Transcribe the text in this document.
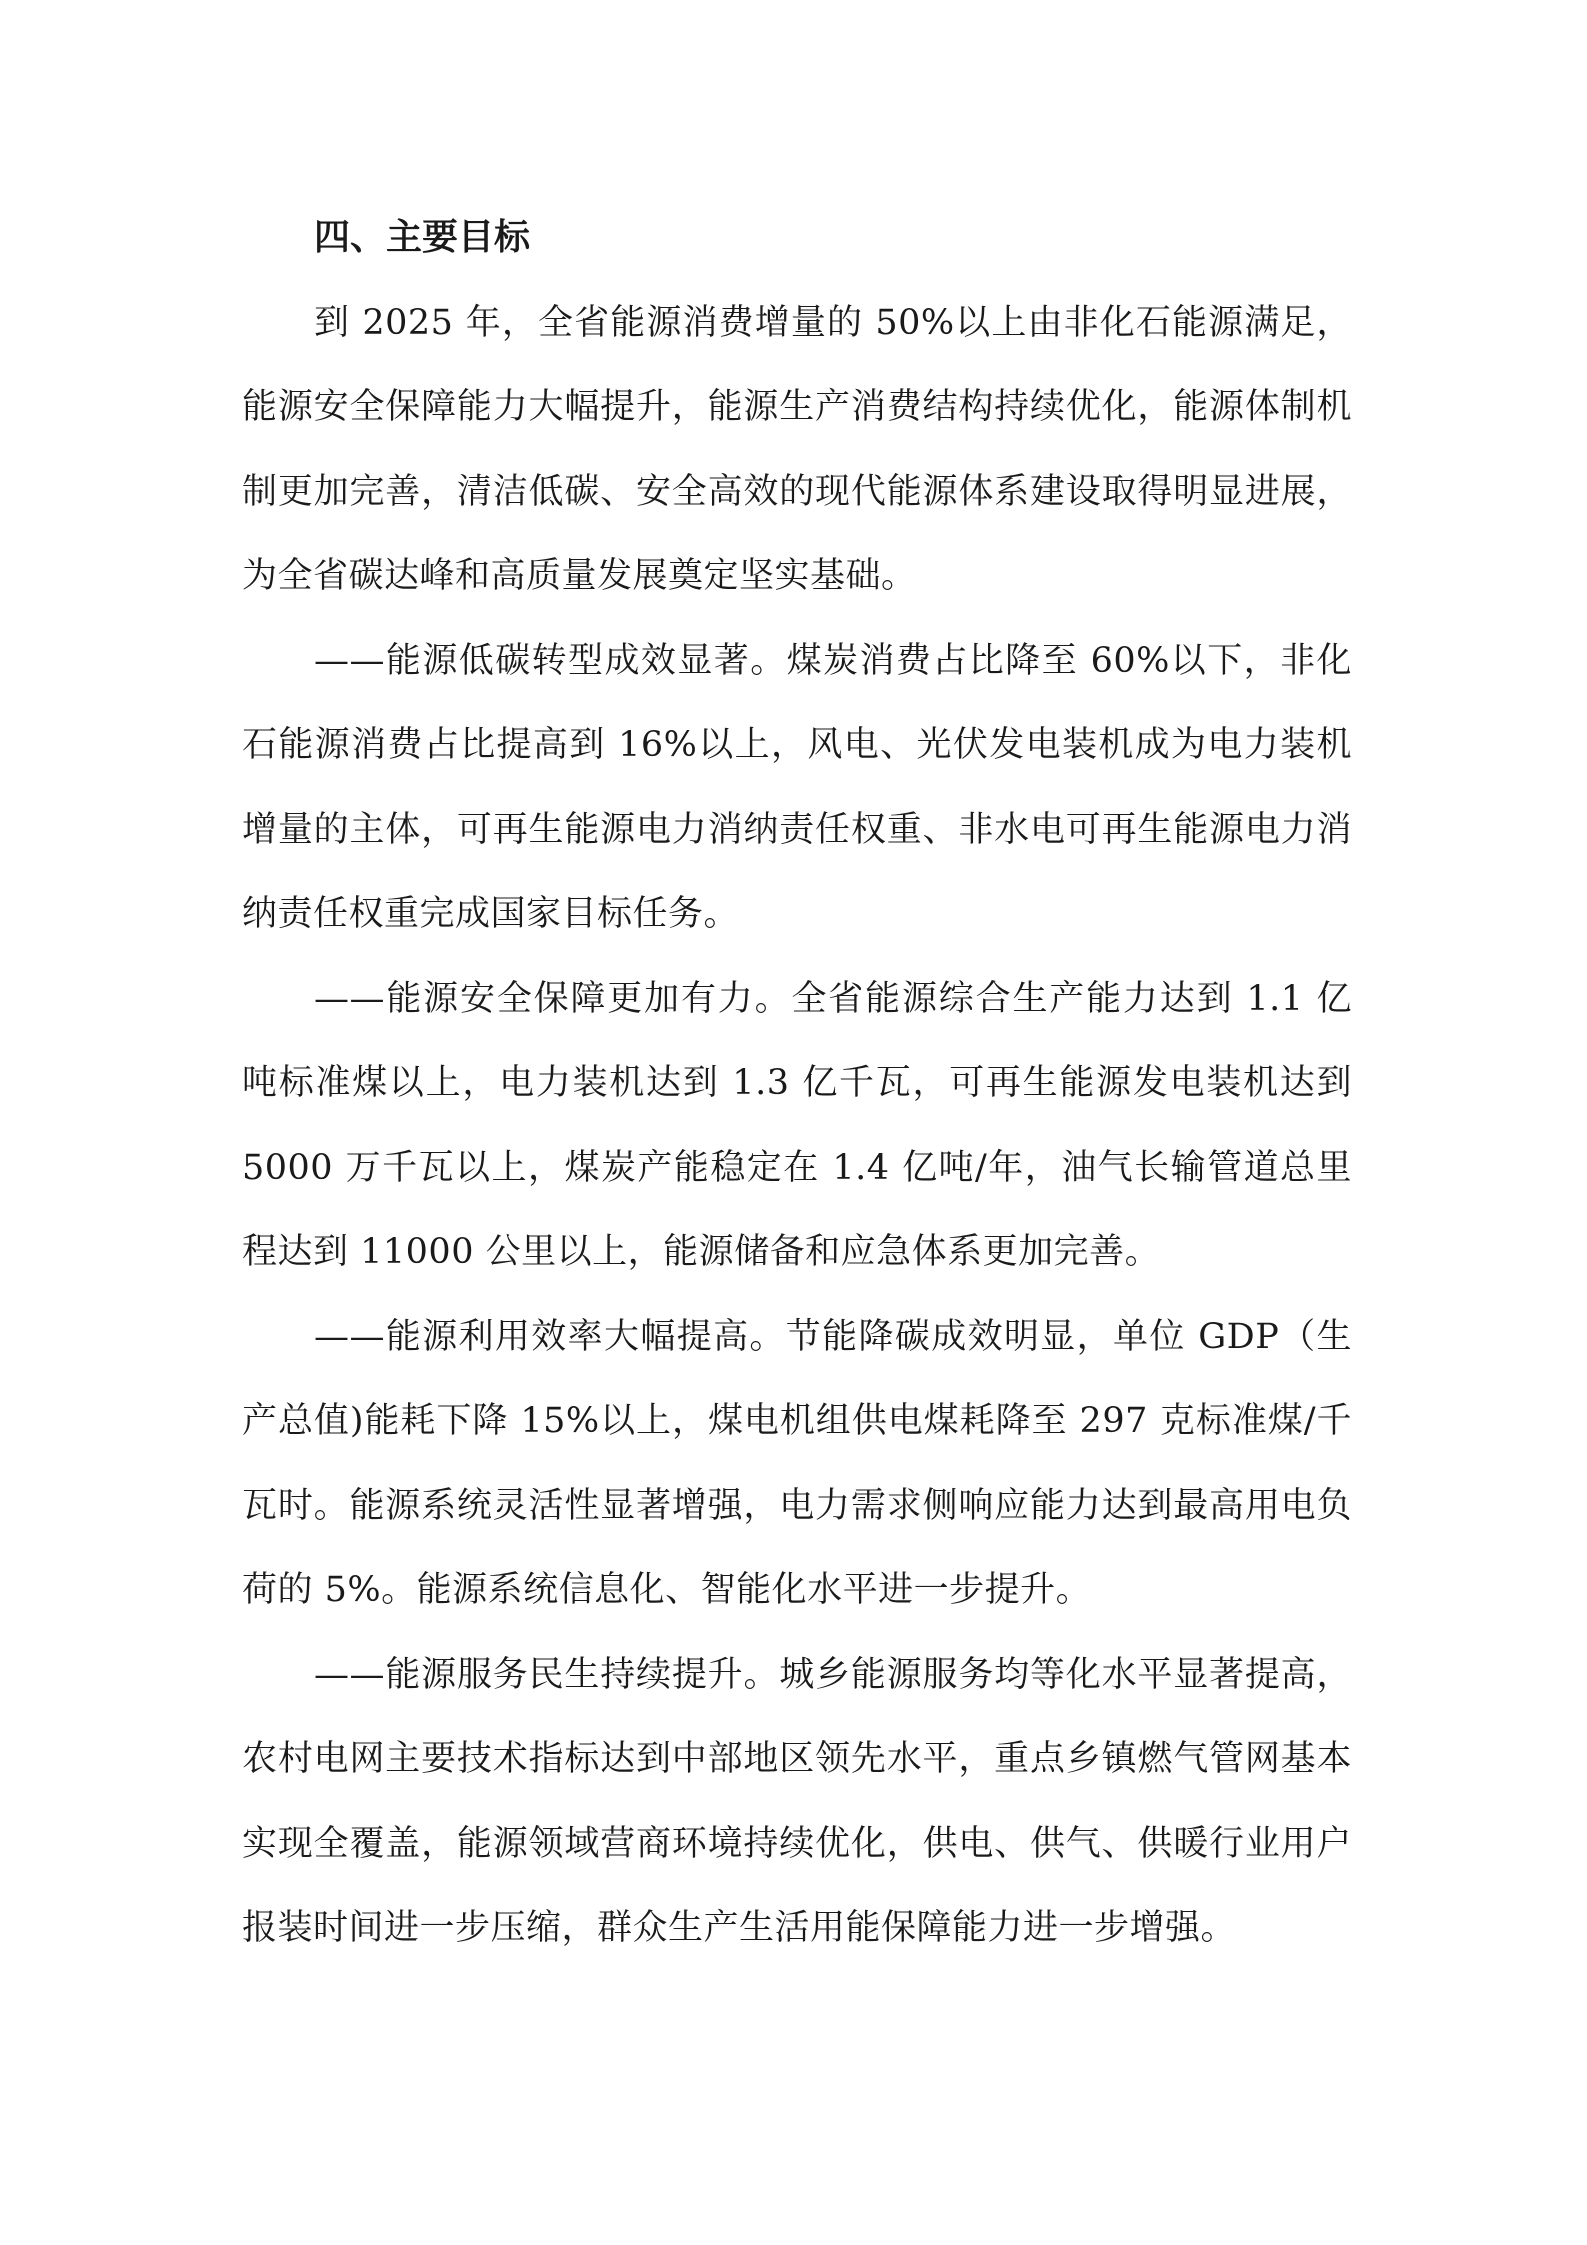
四、主要目标

到 2025 年，全省能源消费增量的 50%以上由非化石能源满足，能源安全保障能力大幅提升，能源生产消费结构持续优化，能源体制机制更加完善，清洁低碳、安全高效的现代能源体系建设取得明显进展，为全省碳达峰和高质量发展奠定坚实基础。

——能源低碳转型成效显著。煤炭消费占比降至 60%以下，非化石能源消费占比提高到 16%以上，风电、光伏发电装机成为电力装机增量的主体，可再生能源电力消纳责任权重、非水电可再生能源电力消纳责任权重完成国家目标任务。

——能源安全保障更加有力。全省能源综合生产能力达到 1.1 亿吨标准煤以上，电力装机达到 1.3 亿千瓦，可再生能源发电装机达到 5000 万千瓦以上，煤炭产能稳定在 1.4 亿吨/年，油气长输管道总里程达到 11000 公里以上，能源储备和应急体系更加完善。

——能源利用效率大幅提高。节能降碳成效明显，单位 GDP（生产总值)能耗下降 15%以上，煤电机组供电煤耗降至 297 克标准煤/千瓦时。能源系统灵活性显著增强，电力需求侧响应能力达到最高用电负荷的 5%。能源系统信息化、智能化水平进一步提升。

——能源服务民生持续提升。城乡能源服务均等化水平显著提高，农村电网主要技术指标达到中部地区领先水平，重点乡镇燃气管网基本实现全覆盖，能源领域营商环境持续优化，供电、供气、供暖行业用户报装时间进一步压缩，群众生产生活用能保障能力进一步增强。
